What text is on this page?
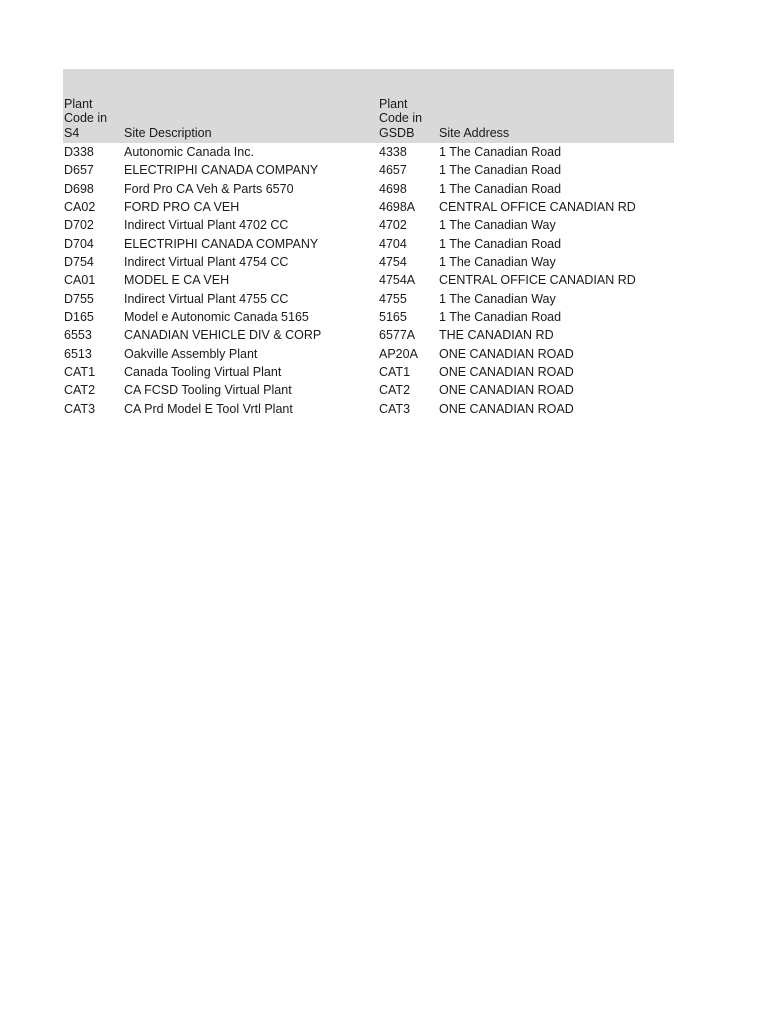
Plant
Code in
S4	Site Description
Plant
Code in
GSDB	Site Address
D338	Autonomic Canada Inc.	4338	1 The Canadian Road
D657	ELECTRIPHI CANADA COMPANY	4657	1 The Canadian Road
D698	Ford Pro CA Veh & Parts 6570	4698	1 The Canadian Road
CA02	FORD PRO CA VEH	4698A	CENTRAL OFFICE CANADIAN RD
D702	Indirect Virtual Plant 4702 CC	4702	1 The Canadian Way
D704	ELECTRIPHI CANADA COMPANY	4704	1 The Canadian Road
D754	Indirect Virtual Plant 4754 CC	4754	1 The Canadian Way
CA01	MODEL E CA VEH	4754A	CENTRAL OFFICE CANADIAN RD
D755	Indirect Virtual Plant 4755 CC	4755	1 The Canadian Way
D165	Model e Autonomic Canada 5165	5165	1 The Canadian Road
6553	CANADIAN VEHICLE DIV & CORP	6577A	THE CANADIAN RD
6513	Oakville Assembly Plant	AP20A	ONE CANADIAN ROAD
CAT1	Canada Tooling Virtual Plant	CAT1	ONE CANADIAN ROAD
CAT2	CA FCSD Tooling Virtual Plant	CAT2	ONE CANADIAN ROAD
CAT3	CA Prd Model E Tool Vrtl Plant	CAT3	ONE CANADIAN ROAD
